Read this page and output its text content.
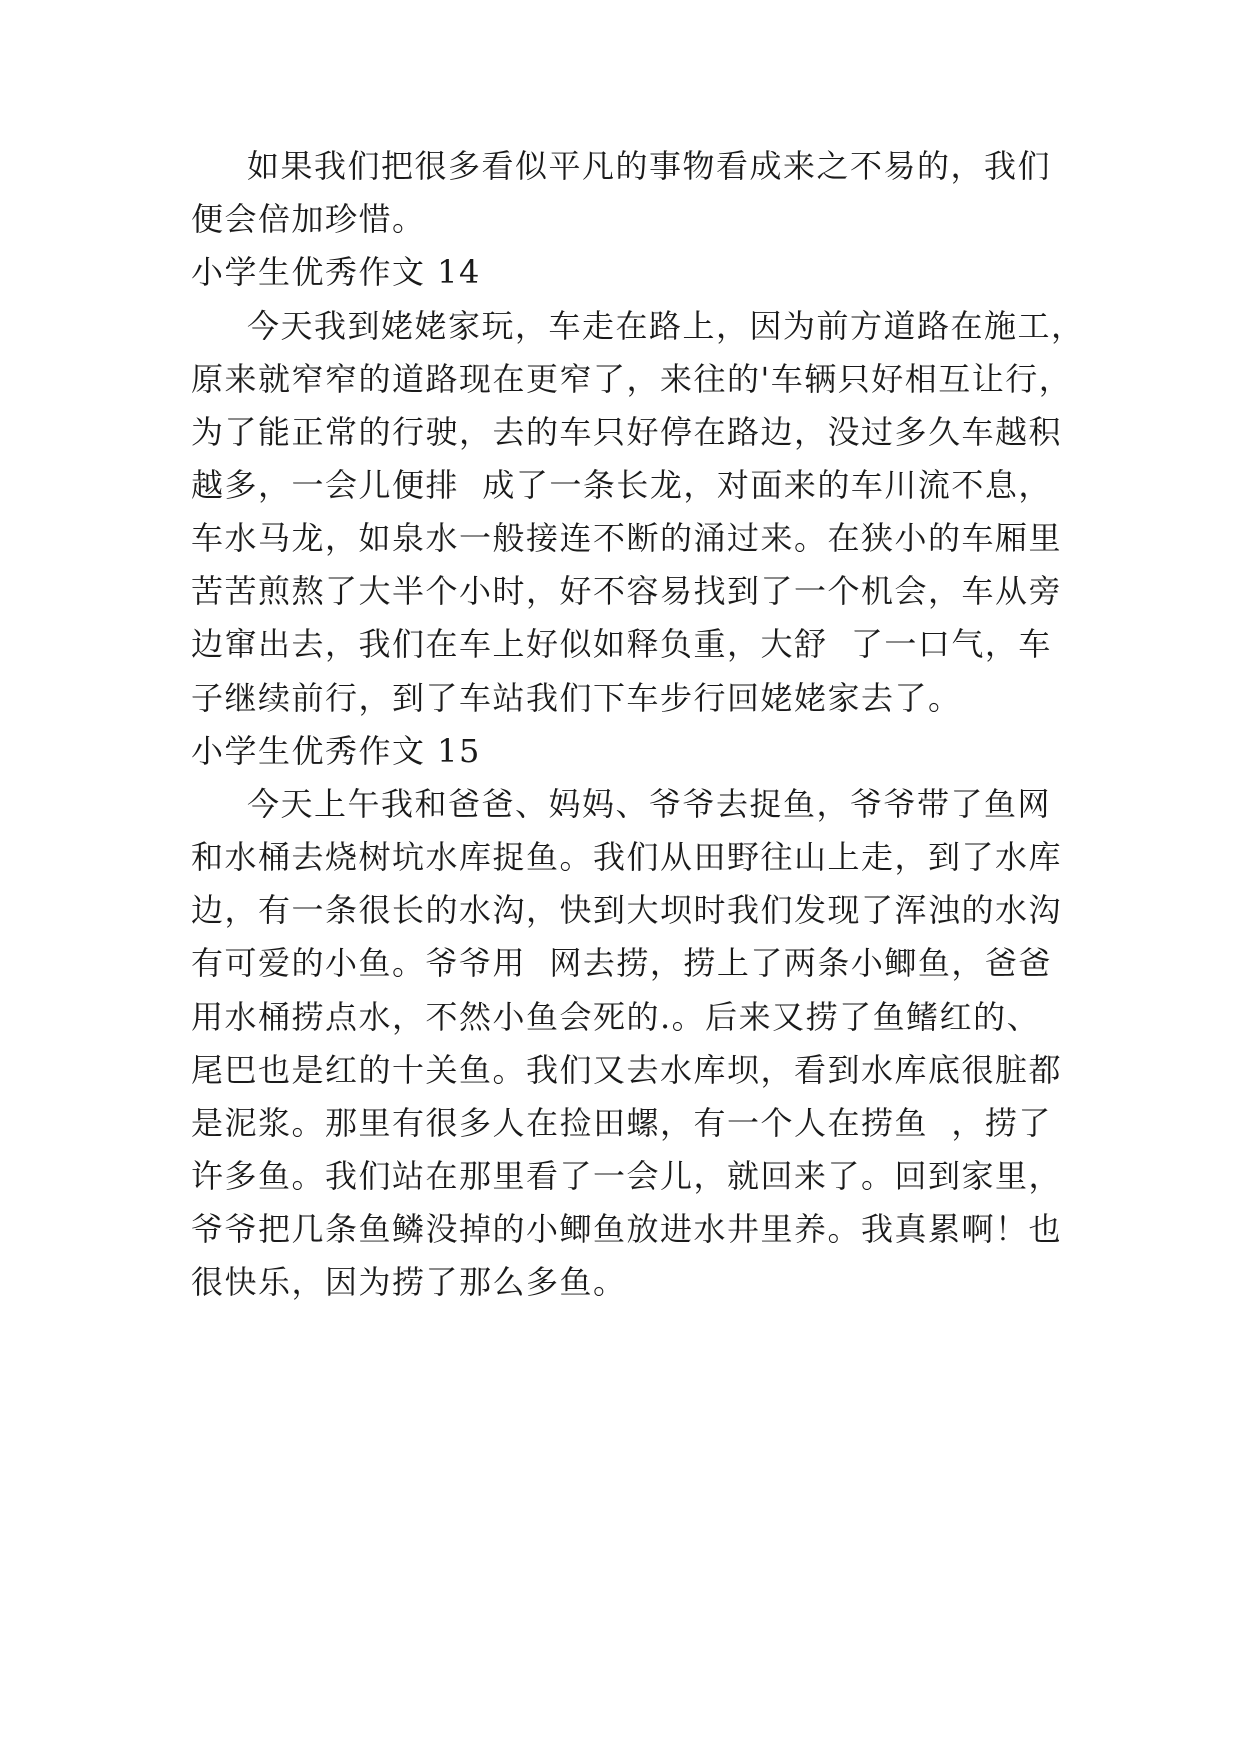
如果我们把很多看似平凡的事物看成来之不易的，我们
便会倍加珍惜。
小学生优秀作文 14
今天我到姥姥家玩，车走在路上，因为前方道路在施工，
原来就窄窄的道路现在更窄了，来往的'车辆只好相互让行，
为了能正常的行驶，去的车只好停在路边，没过多久车越积
越多，一会儿便排  成了一条长龙，对面来的车川流不息，
车水马龙，如泉水一般接连不断的涌过来。在狭小的车厢里
苦苦煎熬了大半个小时，好不容易找到了一个机会，车从旁
边窜出去，我们在车上好似如释负重，大舒  了一口气，车
子继续前行，到了车站我们下车步行回姥姥家去了。
小学生优秀作文 15
今天上午我和爸爸、妈妈、爷爷去捉鱼，爷爷带了鱼网
和水桶去烧树坑水库捉鱼。我们从田野往山上走，到了水库
边，有一条很长的水沟，快到大坝时我们发现了浑浊的水沟
有可爱的小鱼。爷爷用  网去捞，捞上了两条小鲫鱼，爸爸
用水桶捞点水，不然小鱼会死的.。后来又捞了鱼鳍红的、
尾巴也是红的十关鱼。我们又去水库坝，看到水库底很脏都
是泥浆。那里有很多人在捡田螺，有一个人在捞鱼  ，捞了
许多鱼。我们站在那里看了一会儿，就回来了。回到家里，
爷爷把几条鱼鳞没掉的小鲫鱼放进水井里养。我真累啊！也
很快乐，因为捞了那么多鱼。
